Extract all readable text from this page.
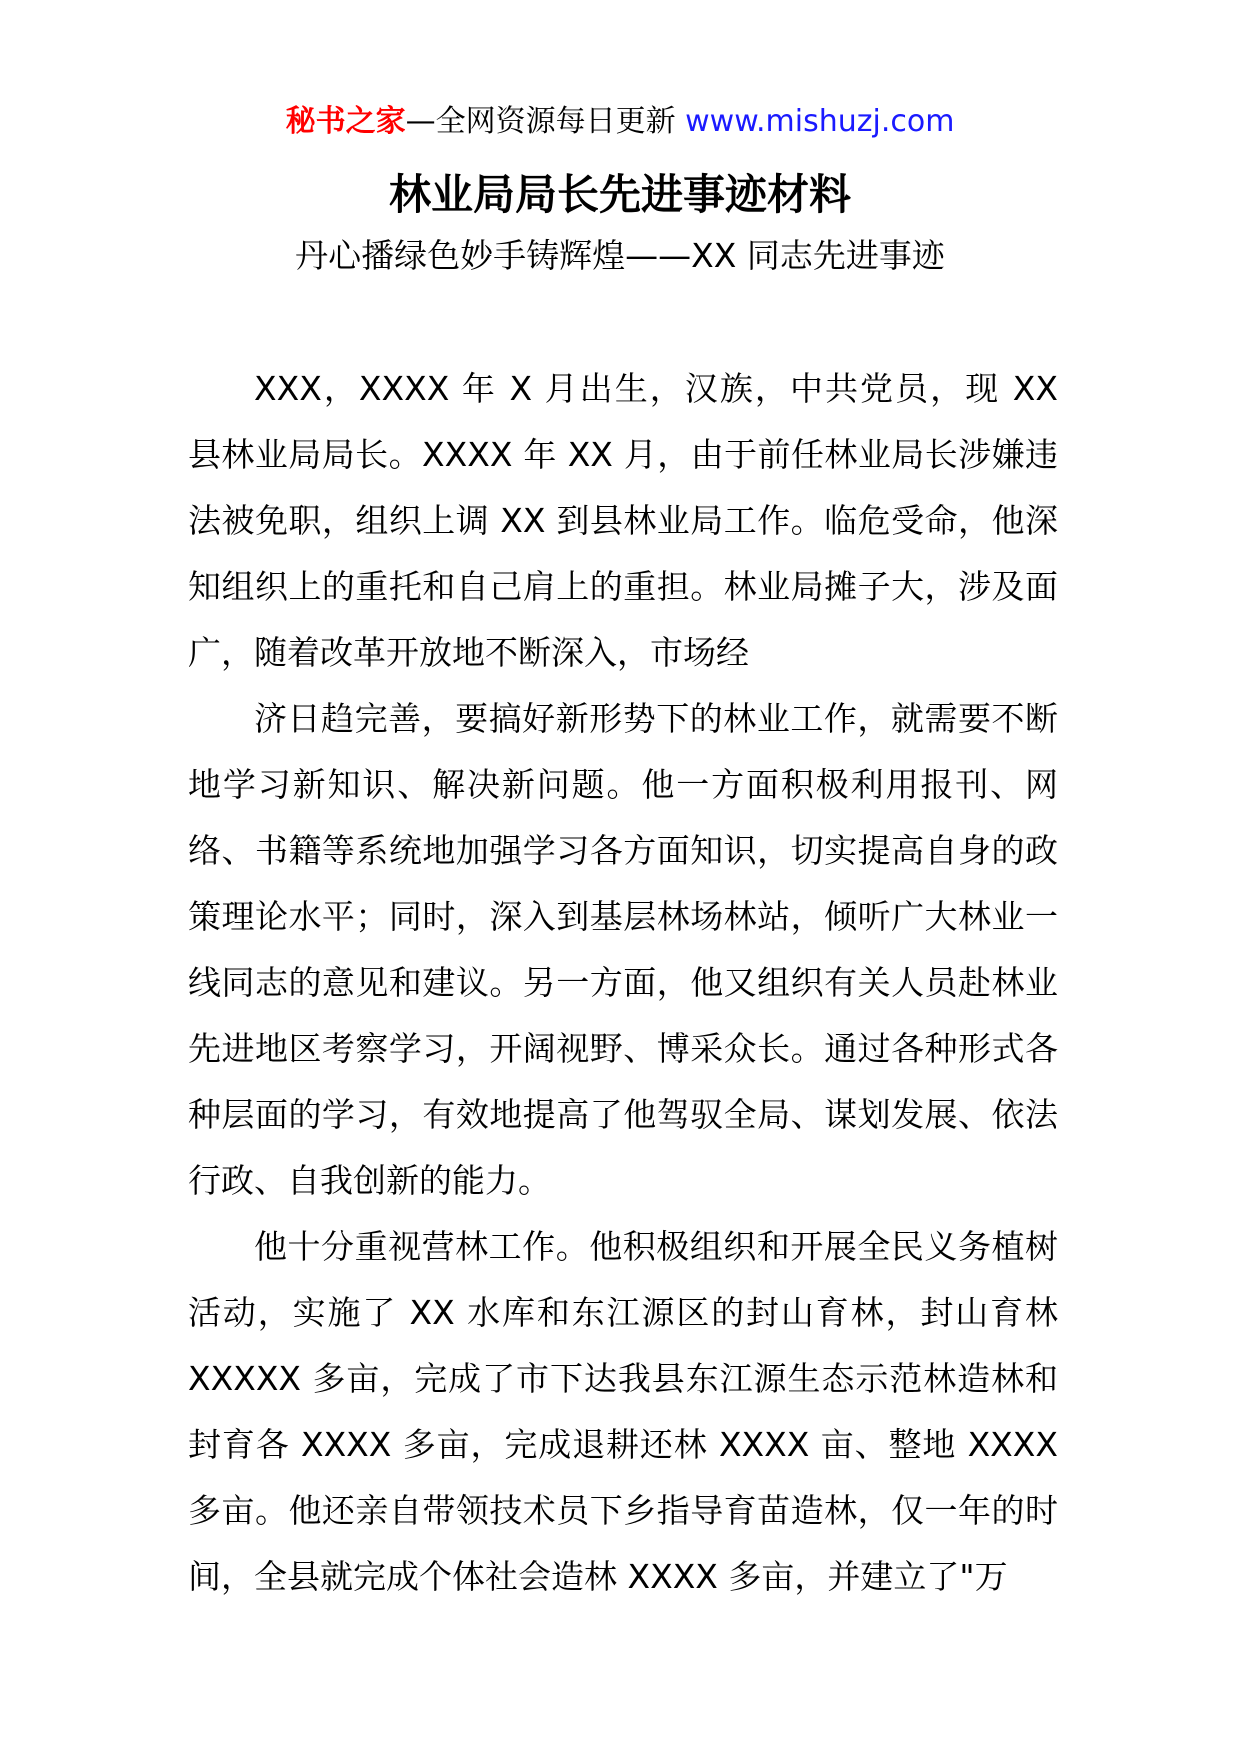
秘书之家—全网资源每日更新 www.mishuzj.com
林业局局长先进事迹材料
丹心播绿色妙手铸辉煌——XX 同志先进事迹

XXX，XXXX 年 X 月出生，汉族，中共党员，现 XX 县林业局局长。XXXX 年 XX 月，由于前任林业局长涉嫌违法被免职，组织上调 XX 到县林业局工作。临危受命，他深知组织上的重托和自己肩上的重担。林业局摊子大，涉及面广，随着改革开放地不断深入，市场经

济日趋完善，要搞好新形势下的林业工作，就需要不断地学习新知识、解决新问题。他一方面积极利用报刊、网络、书籍等系统地加强学习各方面知识，切实提高自身的政策理论水平；同时，深入到基层林场林站，倾听广大林业一线同志的意见和建议。另一方面，他又组织有关人员赴林业先进地区考察学习，开阔视野、博采众长。通过各种形式各种层面的学习，有效地提高了他驾驭全局、谋划发展、依法行政、自我创新的能力。

他十分重视营林工作。他积极组织和开展全民义务植树活动，实施了 XX 水库和东江源区的封山育林，封山育林 XXXXX 多亩，完成了市下达我县东江源生态示范林造林和封育各 XXXX 多亩，完成退耕还林 XXXX 亩、整地 XXXX 多亩。他还亲自带领技术员下乡指导育苗造林，仅一年的时间，全县就完成个体社会造林 XXXX 多亩，并建立了"万
